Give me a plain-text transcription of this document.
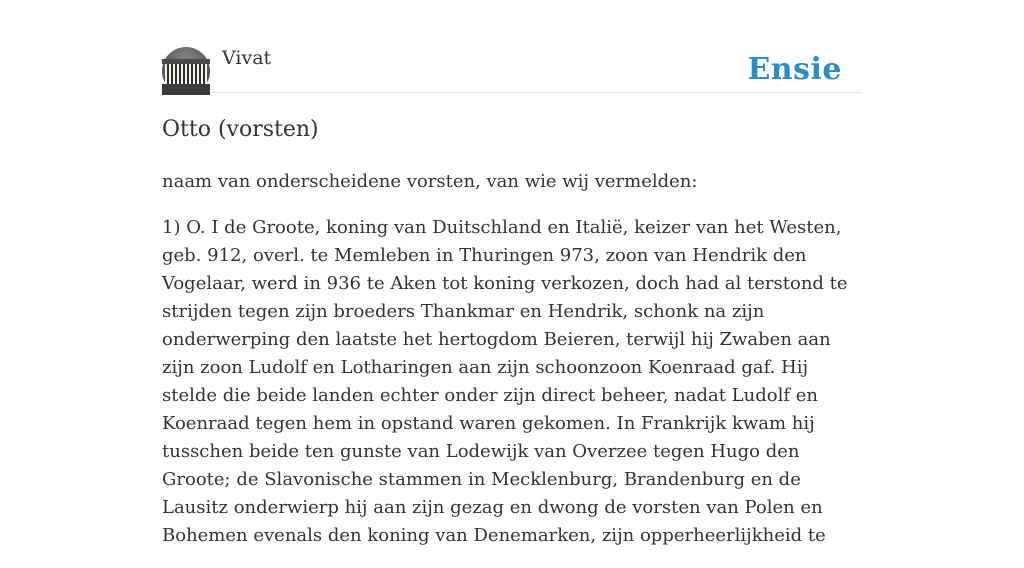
Vivat	Ensie
Otto (vorsten)

naam van onderscheidene vorsten, van wie wij vermelden:

1) O. I de Groote, koning van Duitschland en Italië, keizer van het Westen, geb. 912, overl. te Memleben in Thuringen 973, zoon van Hendrik den Vogelaar, werd in 936 te Aken tot koning verkozen, doch had al terstond te strijden tegen zijn broeders Thankmar en Hendrik, schonk na zijn onderwerping den laatste het hertogdom Beieren, terwijl hij Zwaben aan zijn zoon Ludolf en Lotharingen aan zijn schoonzoon Koenraad gaf. Hij stelde die beide landen echter onder zijn direct beheer, nadat Ludolf en Koenraad tegen hem in opstand waren gekomen. In Frankrijk kwam hij tusschen beide ten gunste van Lodewijk van Overzee tegen Hugo den Groote; de Slavonische stammen in Mecklenburg, Brandenburg en de Lausitz onderwierp hij aan zijn gezag en dwong de vorsten van Polen en Bohemen evenals den koning van Denemarken, zijn opperheerlijkheid te
